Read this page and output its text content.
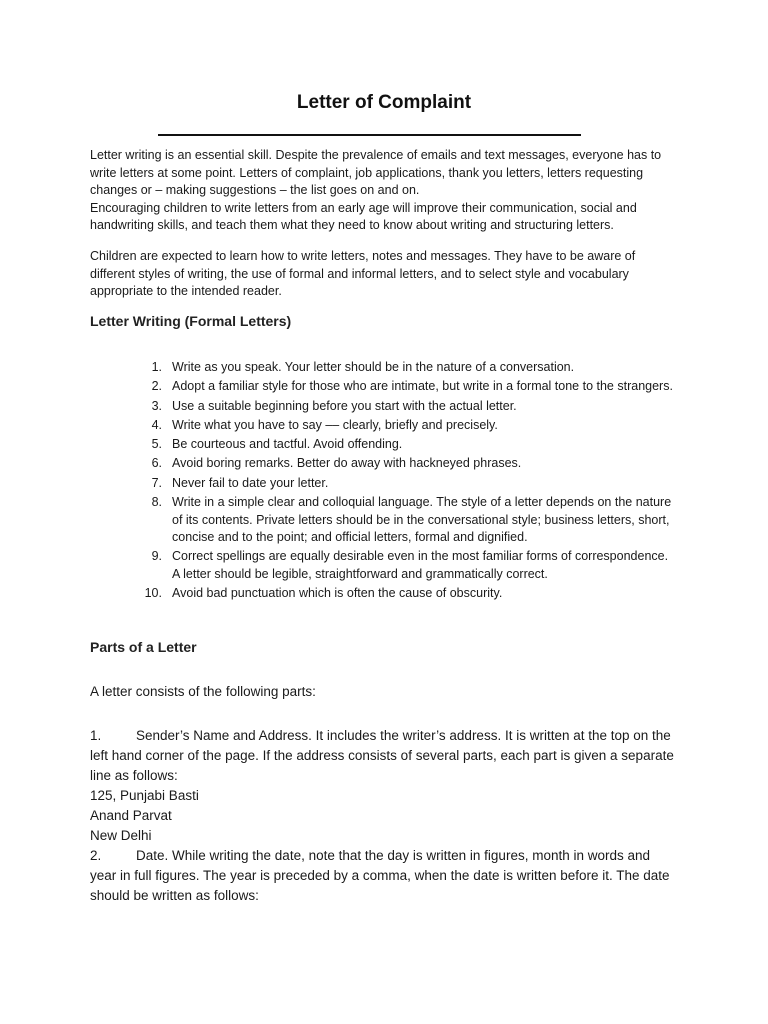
Letter of Complaint

Letter writing is an essential skill. Despite the prevalence of emails and text messages, everyone has to write letters at some point. Letters of complaint, job applications, thank you letters, letters requesting changes or – making suggestions – the list goes on and on.

Encouraging children to write letters from an early age will improve their communication, social and handwriting skills, and teach them what they need to know about writing and structuring letters.

Children are expected to learn how to write letters, notes and messages. They have to be aware of different styles of writing, the use of formal and informal letters, and to select style and vocabulary appropriate to the intended reader.

Letter Writing (Formal Letters)
1. Write as you speak. Your letter should be in the nature of a conversation.
2. Adopt a familiar style for those who are intimate, but write in a formal tone to the strangers.
3. Use a suitable beginning before you start with the actual letter.
4. Write what you have to say –– clearly, briefly and precisely.
5. Be courteous and tactful. Avoid offending.
6. Avoid boring remarks. Better do away with hackneyed phrases.
7. Never fail to date your letter.
8. Write in a simple clear and colloquial language. The style of a letter depends on the nature of its contents. Private letters should be in the conversational style; business letters, short, concise and to the point; and official letters, formal and dignified.
9. Correct spellings are equally desirable even in the most familiar forms of correspondence. A letter should be legible, straightforward and grammatically correct.
10. Avoid bad punctuation which is often the cause of obscurity.
Parts of a Letter

A letter consists of the following parts:

1.	Sender’s Name and Address. It includes the writer’s address. It is written at the top on the left hand corner of the page. If the address consists of several parts, each part is given a separate line as follows:

125, Punjabi Basti

Anand Parvat

New Delhi

2.	Date. While writing the date, note that the day is written in figures, month in words and year in full figures. The year is preceded by a comma, when the date is written before it. The date should be written as follows:
